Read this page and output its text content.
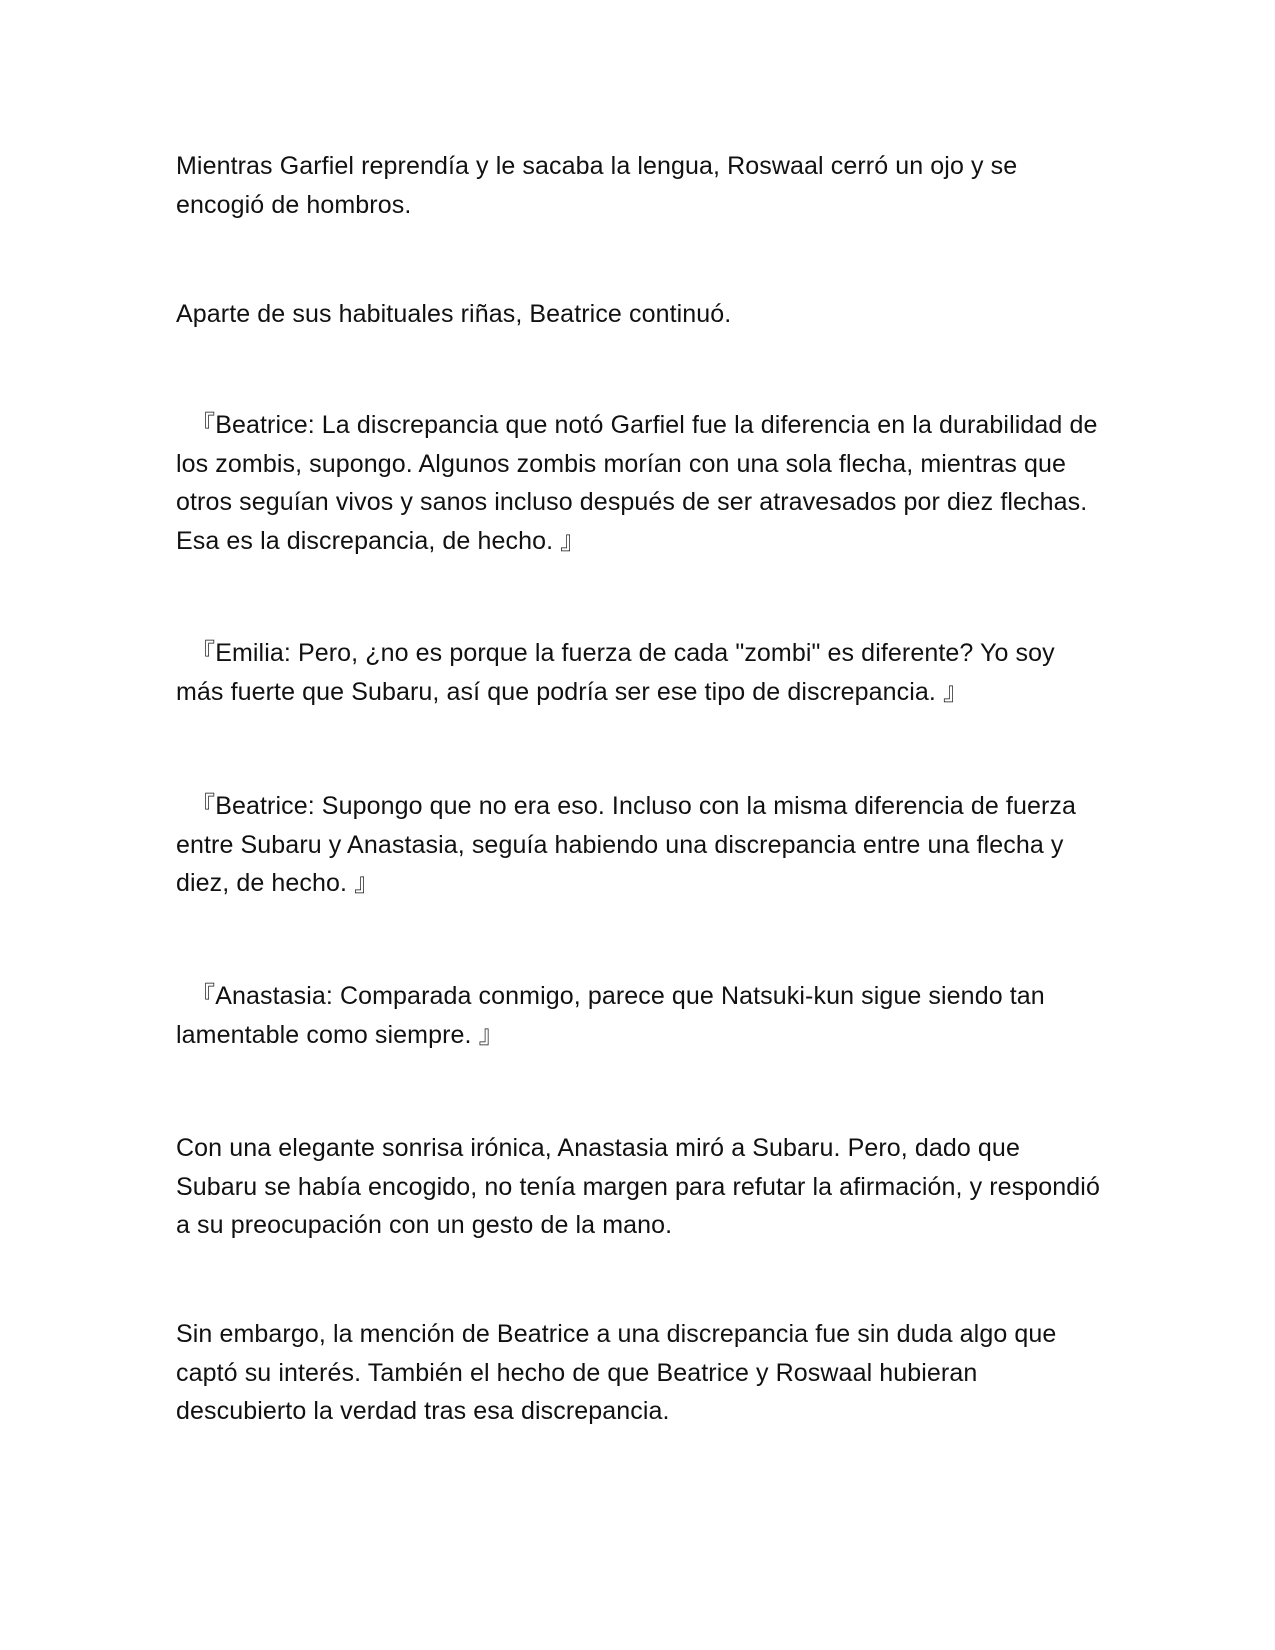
Mientras Garfiel reprendía y le sacaba la lengua, Roswaal cerró un ojo y se encogió de hombros.

Aparte de sus habituales riñas, Beatrice continuó.

『Beatrice: La discrepancia que notó Garfiel fue la diferencia en la durabilidad de los zombis, supongo. Algunos zombis morían con una sola flecha, mientras que otros seguían vivos y sanos incluso después de ser atravesados por diez flechas. Esa es la discrepancia, de hecho. 』

『Emilia: Pero, ¿no es porque la fuerza de cada "zombi" es diferente? Yo soy más fuerte que Subaru, así que podría ser ese tipo de discrepancia. 』

『Beatrice: Supongo que no era eso. Incluso con la misma diferencia de fuerza entre Subaru y Anastasia, seguía habiendo una discrepancia entre una flecha y diez, de hecho. 』

『Anastasia: Comparada conmigo, parece que Natsuki-kun sigue siendo tan lamentable como siempre. 』

Con una elegante sonrisa irónica, Anastasia miró a Subaru. Pero, dado que Subaru se había encogido, no tenía margen para refutar la afirmación, y respondió a su preocupación con un gesto de la mano.

Sin embargo, la mención de Beatrice a una discrepancia fue sin duda algo que captó su interés. También el hecho de que Beatrice y Roswaal hubieran descubierto la verdad tras esa discrepancia.
